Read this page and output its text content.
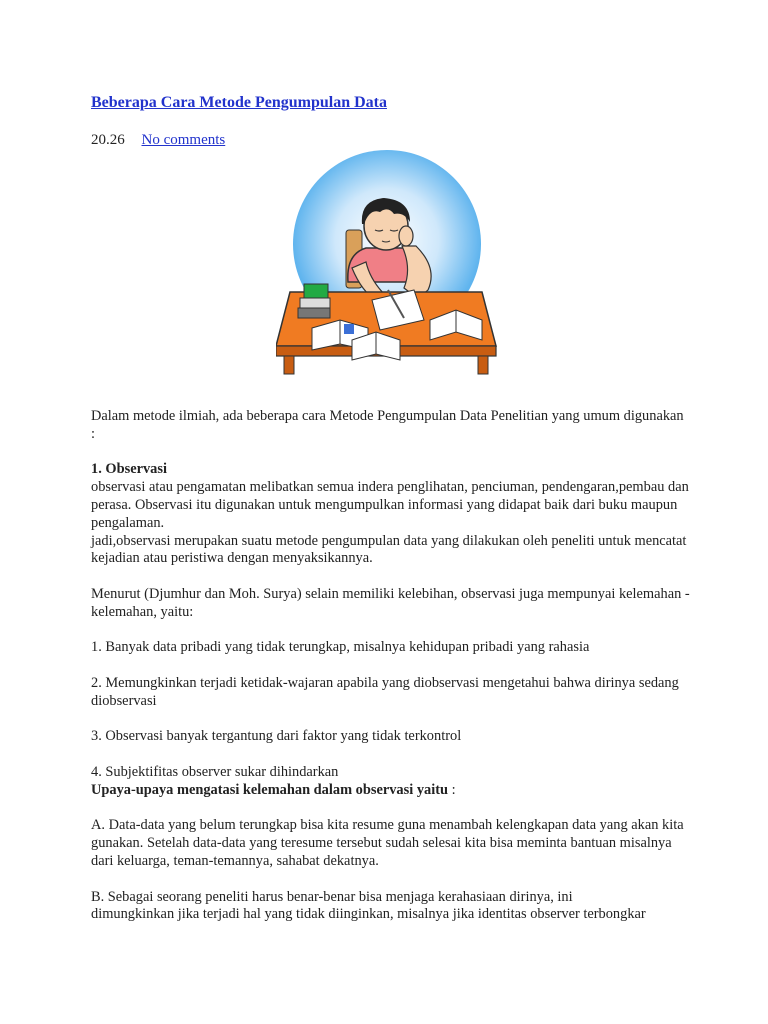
Beberapa Cara Metode Pengumpulan Data
20.26 No comments

Dalam metode ilmiah, ada beberapa cara Metode Pengumpulan Data Penelitian yang umum digunakan :

1. Observasi

observasi atau pengamatan melibatkan semua indera penglihatan, penciuman, pendengaran,pembau dan perasa. Observasi itu digunakan untuk mengumpulkan informasi yang didapat baik dari buku maupun pengalaman.

jadi,observasi merupakan suatu metode pengumpulan data yang dilakukan oleh peneliti untuk mencatat kejadian atau peristiwa dengan menyaksikannya.

Menurut (Djumhur dan Moh. Surya) selain memiliki kelebihan, observasi juga mempunyai kelemahan - kelemahan, yaitu:

1. Banyak data pribadi yang tidak terungkap, misalnya kehidupan pribadi yang rahasia

2. Memungkinkan terjadi ketidak-wajaran apabila yang diobservasi mengetahui bahwa dirinya sedang diobservasi

3. Observasi banyak tergantung dari faktor yang tidak terkontrol

4. Subjektifitas observer sukar dihindarkan

Upaya-upaya mengatasi kelemahan dalam observasi yaitu :

A. Data-data yang belum terungkap bisa kita resume guna menambah kelengkapan data yang akan kita gunakan. Setelah data-data yang teresume tersebut sudah selesai kita bisa meminta bantuan misalnya dari keluarga, teman-temannya, sahabat dekatnya.

B. Sebagai seorang peneliti harus benar-benar bisa menjaga kerahasiaan dirinya, ini

dimungkinkan jika terjadi hal yang tidak diinginkan, misalnya jika identitas observer terbongkar
